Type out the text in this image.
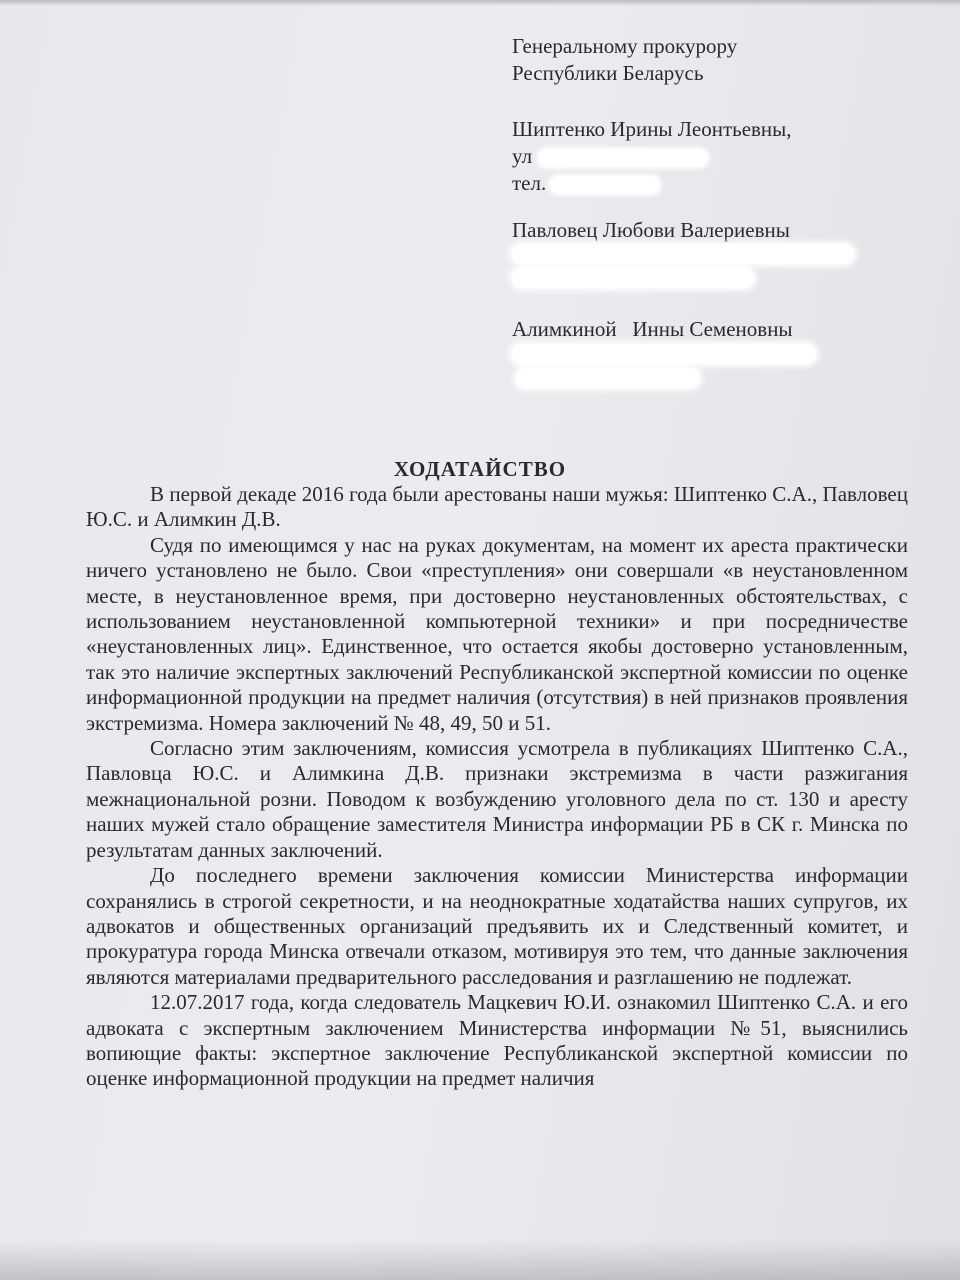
Генеральному прокурору
Республики Беларусь
Шиптенко Ирины Леонтьевны,
ул
тел.
Павловец Любови Валериевны
Алимкиной   Инны Семеновны
ХОДАТАЙСТВО

В первой декаде 2016 года были арестованы наши мужья: Шиптенко С.А., Павловец Ю.С. и Алимкин Д.В.

Судя по имеющимся у нас на руках документам, на момент их ареста практически ничего установлено не было. Свои «преступления» они совершали «в неустановленном месте, в неустановленное время, при достоверно неустановленных обстоятельствах, с использованием неустановленной компьютерной техники» и при посредничестве «неустановленных лиц». Единственное, что остается якобы достоверно установленным, так это наличие экспертных заключений Республиканской экспертной комиссии по оценке информационной продукции на предмет наличия (отсутствия) в ней признаков проявления экстремизма. Номера заключений № 48, 49, 50 и 51.

Согласно этим заключениям, комиссия усмотрела в публикациях Шиптенко С.А., Павловца Ю.С. и Алимкина Д.В. признаки экстремизма в части разжигания межнациональной розни. Поводом к возбуждению уголовного дела по ст. 130 и аресту наших мужей стало обращение заместителя Министра информации РБ в СК г. Минска по результатам данных заключений.

До последнего времени заключения комиссии Министерства информации сохранялись в строгой секретности, и на неоднократные ходатайства наших супругов, их адвокатов и общественных организаций предъявить их и Следственный комитет, и прокуратура города Минска отвечали отказом, мотивируя это тем, что данные заключения являются материалами предварительного расследования и разглашению не подлежат.

12.07.2017 года, когда следователь Мацкевич Ю.И. ознакомил Шиптенко С.А. и его адвоката с экспертным заключением Министерства информации №51, выяснились вопиющие факты: экспертное заключение Республиканской экспертной комиссии по оценке информационной продукции на предмет наличия
